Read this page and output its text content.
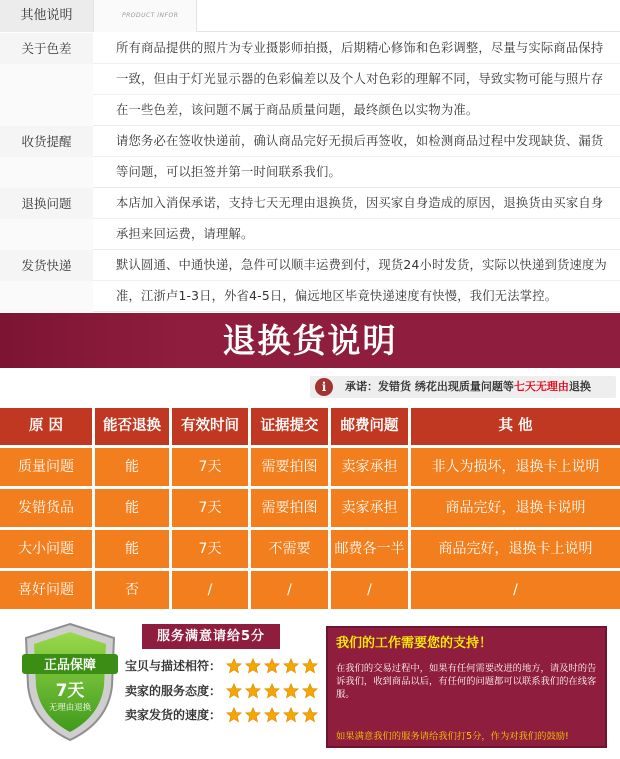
其他说明	PRODUCT INFOR
关于色差	所有商品提供的照片为专业摄影师拍摄，后期精心修饰和色彩调整，尽量与实际商品保持
一致，但由于灯光显示器的色彩偏差以及个人对色彩的理解不同，导致实物可能与照片存
在一些色差，该问题不属于商品质量问题，最终颜色以实物为准。
收货提醒	请您务必在签收快递前，确认商品完好无损后再签收，如检测商品过程中发现缺货、漏货
等问题，可以拒签并第一时间联系我们。
退换问题	本店加入消保承诺，支持七天无理由退换货，因买家自身造成的原因，退换货由买家自身
承担来回运费，请理解。
发货快递	默认圆通、中通快递，急件可以顺丰运费到付，现货24小时发货，实际以快递到货速度为
准，江浙卢1-3日，外省4-5日，偏远地区毕竟快递速度有快慢，我们无法掌控。
退换货说明
i	承诺：发错货 绣花出现质量问题等七天无理由退换
原 因	能否退换	有效时间	证据提交	邮费问题	其 他
质量问题	能	7天	需要拍图	卖家承担	非人为损坏，退换卡上说明
发错货品	能	7天	需要拍图	卖家承担	商品完好，退换卡说明
大小问题	能	7天	不需要	邮费各一半	商品完好，退换卡上说明
喜好问题	否	/	/	/	/
正品保障
7天
无理由退换
服务满意请给5分
宝贝与描述相符：
卖家的服务态度：
卖家发货的速度：
我们的工作需要您的支持！
在我们的交易过程中，如果有任何需要改进的地方，请及时的告诉我们，收到商品以后，有任何的问题都可以联系我们的在线客服。
如果满意我们的服务请给我们打5分，作为对我们的鼓励!
